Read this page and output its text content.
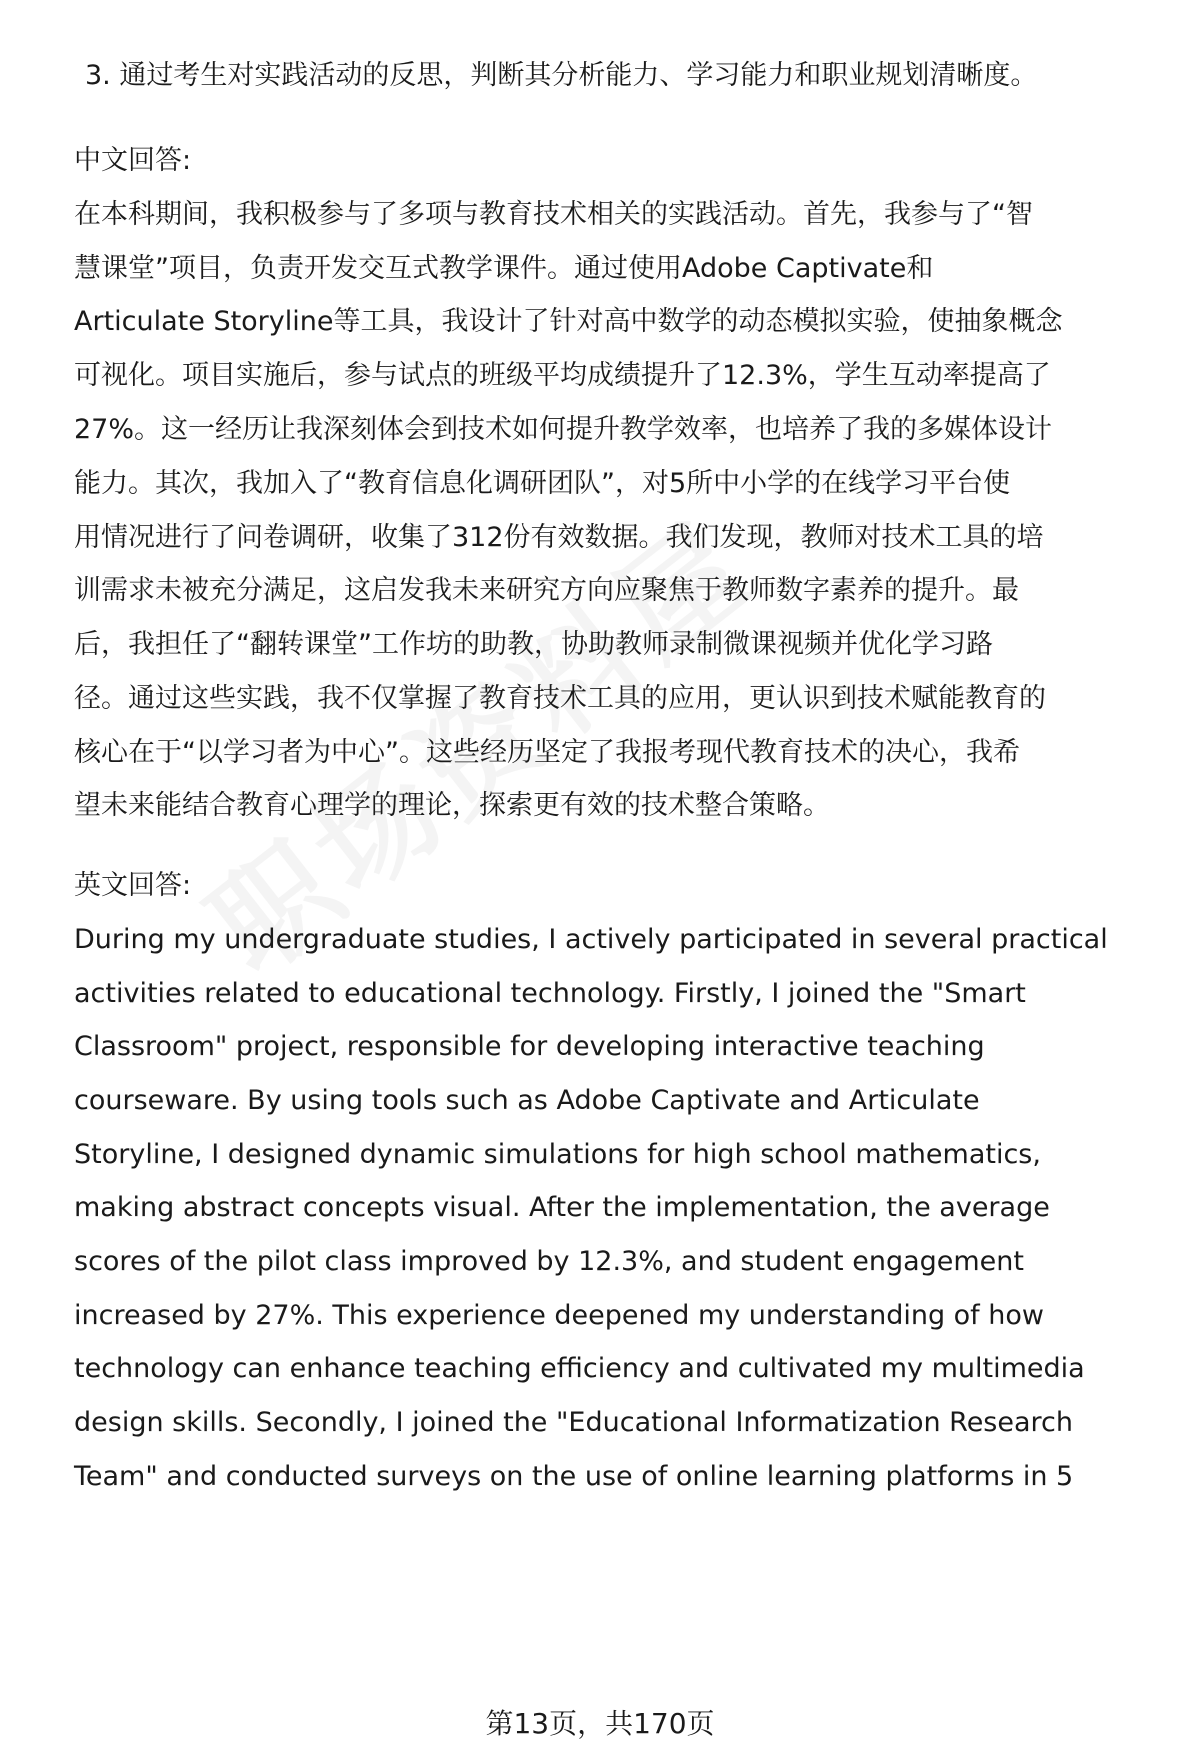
3. 通过考生对实践活动的反思，判断其分析能力、学习能力和职业规划清晰度。
中文回答:
在本科期间，我积极参与了多项与教育技术相关的实践活动。首先，我参与了“智
慧课堂”项目，负责开发交互式教学课件。通过使用Adobe Captivate和
Articulate Storyline等工具，我设计了针对高中数学的动态模拟实验，使抽象概念
可视化。项目实施后，参与试点的班级平均成绩提升了12.3%，学生互动率提高了
27%。这一经历让我深刻体会到技术如何提升教学效率，也培养了我的多媒体设计
能力。其次，我加入了“教育信息化调研团队”，对5所中小学的在线学习平台使
用情况进行了问卷调研，收集了312份有效数据。我们发现，教师对技术工具的培
训需求未被充分满足，这启发我未来研究方向应聚焦于教师数字素养的提升。最
后，我担任了“翻转课堂”工作坊的助教，协助教师录制微课视频并优化学习路
径。通过这些实践，我不仅掌握了教育技术工具的应用，更认识到技术赋能教育的
核心在于“以学习者为中心”。这些经历坚定了我报考现代教育技术的决心，我希
望未来能结合教育心理学的理论，探索更有效的技术整合策略。
英文回答:
During my undergraduate studies, I actively participated in several practical
activities related to educational technology. Firstly, I joined the "Smart
Classroom" project, responsible for developing interactive teaching
courseware. By using tools such as Adobe Captivate and Articulate
Storyline, I designed dynamic simulations for high school mathematics,
making abstract concepts visual. After the implementation, the average
scores of the pilot class improved by 12.3%, and student engagement
increased by 27%. This experience deepened my understanding of how
technology can enhance teaching efficiency and cultivated my multimedia
design skills. Secondly, I joined the "Educational Informatization Research
Team" and conducted surveys on the use of online learning platforms in 5
第13页，共170页
